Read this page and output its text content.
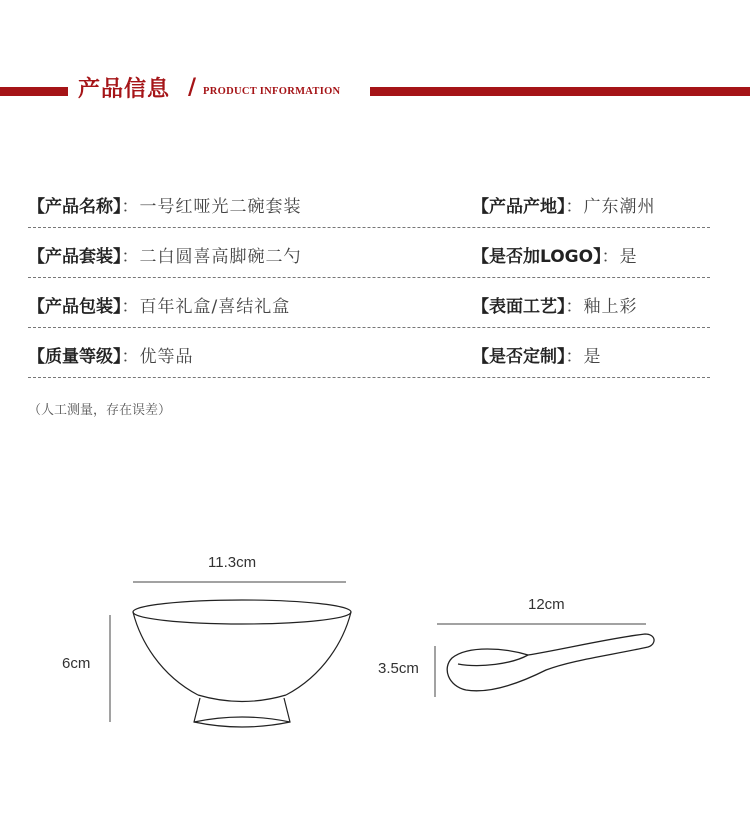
产品信息 / PRODUCT INFORMATION
【产品名称】：一号红哑光二碗套装	【产品产地】：广东潮州
【产品套装】：二白圆喜高脚碗二勺	【是否加LOGO】：是
【产品包装】：百年礼盒/喜结礼盒	【表面工艺】：釉上彩
【质量等级】：优等品	【是否定制】：是
（人工测量，存在误差）
11.3cm
6cm
12cm
3.5cm
